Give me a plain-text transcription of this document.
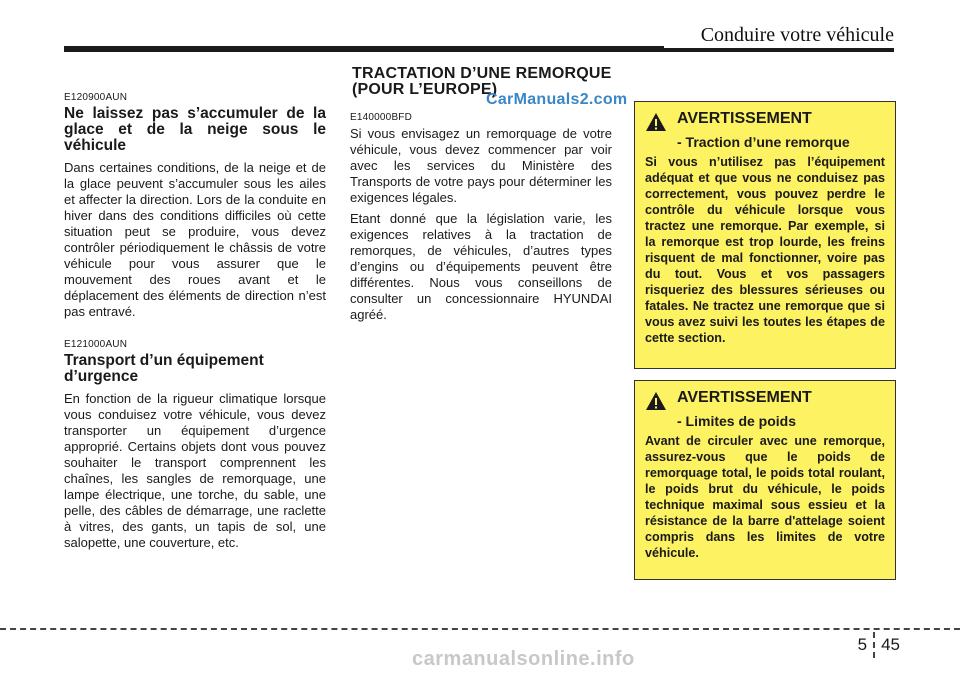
Conduire votre véhicule
E120900AUN
Ne laissez pas s’accumuler de la glace et de la neige sous le véhicule

Dans certaines conditions, de la neige et de la glace peuvent s’accumuler sous les ailes et affecter la direction. Lors de la conduite en hiver dans des conditions difficiles où cette situation peut se produire, vous devez contrôler périodiquement le châssis de votre véhicule pour vous assurer que le mouvement des roues avant et le déplacement des éléments de direction n’est pas entravé.

E121000AUN
Transport d’un équipement d’urgence

En fonction de la rigueur climatique lorsque vous conduisez votre véhicule, vous devez transporter un équipement d’urgence approprié. Certains objets dont vous pouvez souhaiter le transport comprennent les chaînes, les sangles de remorquage, une lampe électrique, une torche, du sable, une pelle, des câbles de démarrage, une raclette à vitres, des gants, un tapis de sol, une salopette, une couverture, etc.

TRACTATION D’UNE REMORQUE (POUR L’EUROPE)
CarManuals2.com
E140000BFD

Si vous envisagez un remorquage de votre véhicule, vous devez commencer par voir avec les services du Ministère des Transports de votre pays pour déterminer les exigences légales.

Etant donné que la législation varie, les exigences relatives à la tractation de remorques, de véhicules, d’autres types d’engins ou d’équipements peuvent être différentes. Nous vous conseillons de consulter un concessionnaire HYUNDAI agréé.

AVERTISSEMENT
- Traction d’une remorque

Si vous n’utilisez pas l’équipement adéquat et que vous ne conduisez pas correctement, vous pouvez perdre le contrôle du véhicule lorsque vous tractez une remorque. Par exemple, si la remorque est trop lourde, les freins risquent de mal fonctionner, voire pas du tout. Vous et vos passagers risqueriez des blessures sérieuses ou fatales. Ne tractez une remorque que si vous avez suivi les toutes les étapes de cette section.

AVERTISSEMENT
- Limites de poids

Avant de circuler avec une remorque, assurez-vous que le poids de remorquage total, le poids total roulant, le poids brut du véhicule, le poids technique maximal sous essieu et la résistance de la barre d'attelage soient compris dans les limites de votre véhicule.

5 45
carmanualsonline.info
